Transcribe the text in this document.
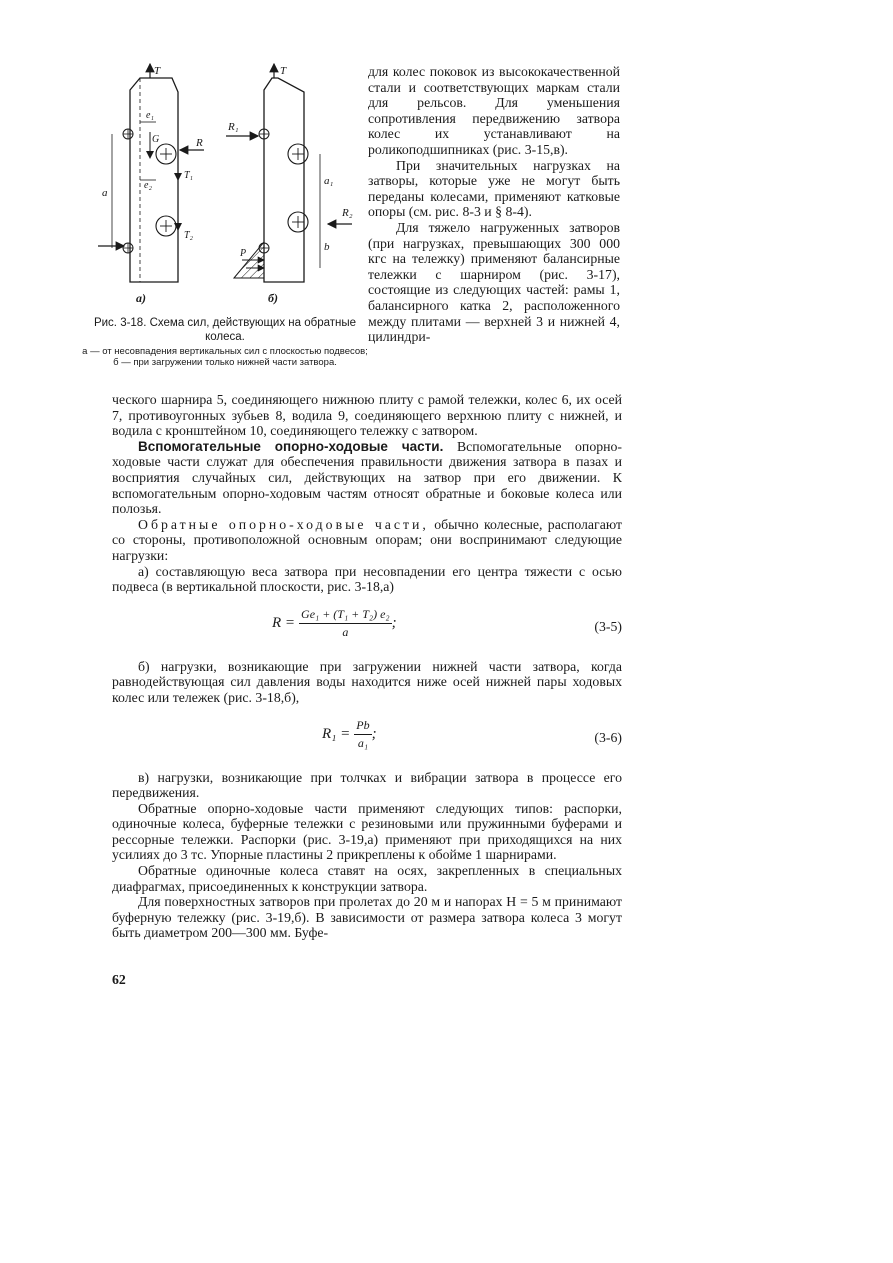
T
e₁
e₂
G	R
T₁
T₂
a
а)
T
R₁
R₂
a₁
b
P
б)
Рис. 3-18. Схема сил, действующих на обратные колеса.
а — от несовпадения вертикальных сил с плоскостью подвесов; б — при загружении только нижней части затвора.

для колес поковок из высококачественной стали и соответствующих маркам стали для рельсов. Для уменьшения сопротивления передвижению затвора колес их устанавливают на роликоподшипниках (рис. 3-15,в).

При значительных нагрузках на затворы, которые уже не могут быть переданы колесами, применяют катковые опоры (см. рис. 8-3 и § 8-4).

Для тяжело нагруженных затворов (при нагрузках, превышающих 300 000 кгс на тележку) применяют балансирные тележки с шарниром (рис. 3-17), состоящие из следующих частей: рамы 1, балансирного катка 2, расположенного между плитами — верхней 3 и нижней 4, цилиндри-

ческого шарнира 5, соединяющего нижнюю плиту с рамой тележки, колес 6, их осей 7, противоугонных зубьев 8, водила 9, соединяющего верхнюю плиту с нижней, и водила с кронштейном 10, соединяющего тележку с затвором.

Вспомогательные опорно-ходовые части. Вспомогательные опорно-ходовые части служат для обеспечения правильности движения затвора в пазах и восприятия случайных сил, действующих на затвор при его движении. К вспомогательным опорно-ходовым частям относят обратные и боковые колеса или полозья.

Обратные опорно-ходовые части, обычно колесные, располагают со стороны, противоположной основным опорам; они воспринимают следующие нагрузки:

а) составляющую веса затвора при несовпадении его центра тяжести с осью подвеса (в вертикальной плоскости, рис. 3-18,а)

$R = \frac{\text{Ge₁ + (T₁ + T₂) e₂}}{a}$ ;	(3-5)

б) нагрузки, возникающие при загружении нижней части затвора, когда равнодействующая сил давления воды находится ниже осей нижней пары ходовых колес или тележек (рис. 3-18,б),

$R_1 = \frac{Pb}{\text{a₁}}$ ;	(3-6)

в) нагрузки, возникающие при толчках и вибрации затвора в процессе его передвижения.

Обратные опорно-ходовые части применяют следующих типов: распорки, одиночные колеса, буферные тележки с резиновыми или пружинными буферами и рессорные тележки. Распорки (рис. 3-19,а) применяют при приходящихся на них усилиях до 3 тс. Упорные пластины 2 прикреплены к обойме 1 шарнирами.

Обратные одиночные колеса ставят на осях, закрепленных в специальных диафрагмах, присоединенных к конструкции затвора.

Для поверхностных затворов при пролетах до 20 м и напорах H = 5 м принимают буферную тележку (рис. 3-19,б). В зависимости от размера затвора колеса 3 могут быть диаметром 200—300 мм. Буфе-

62
